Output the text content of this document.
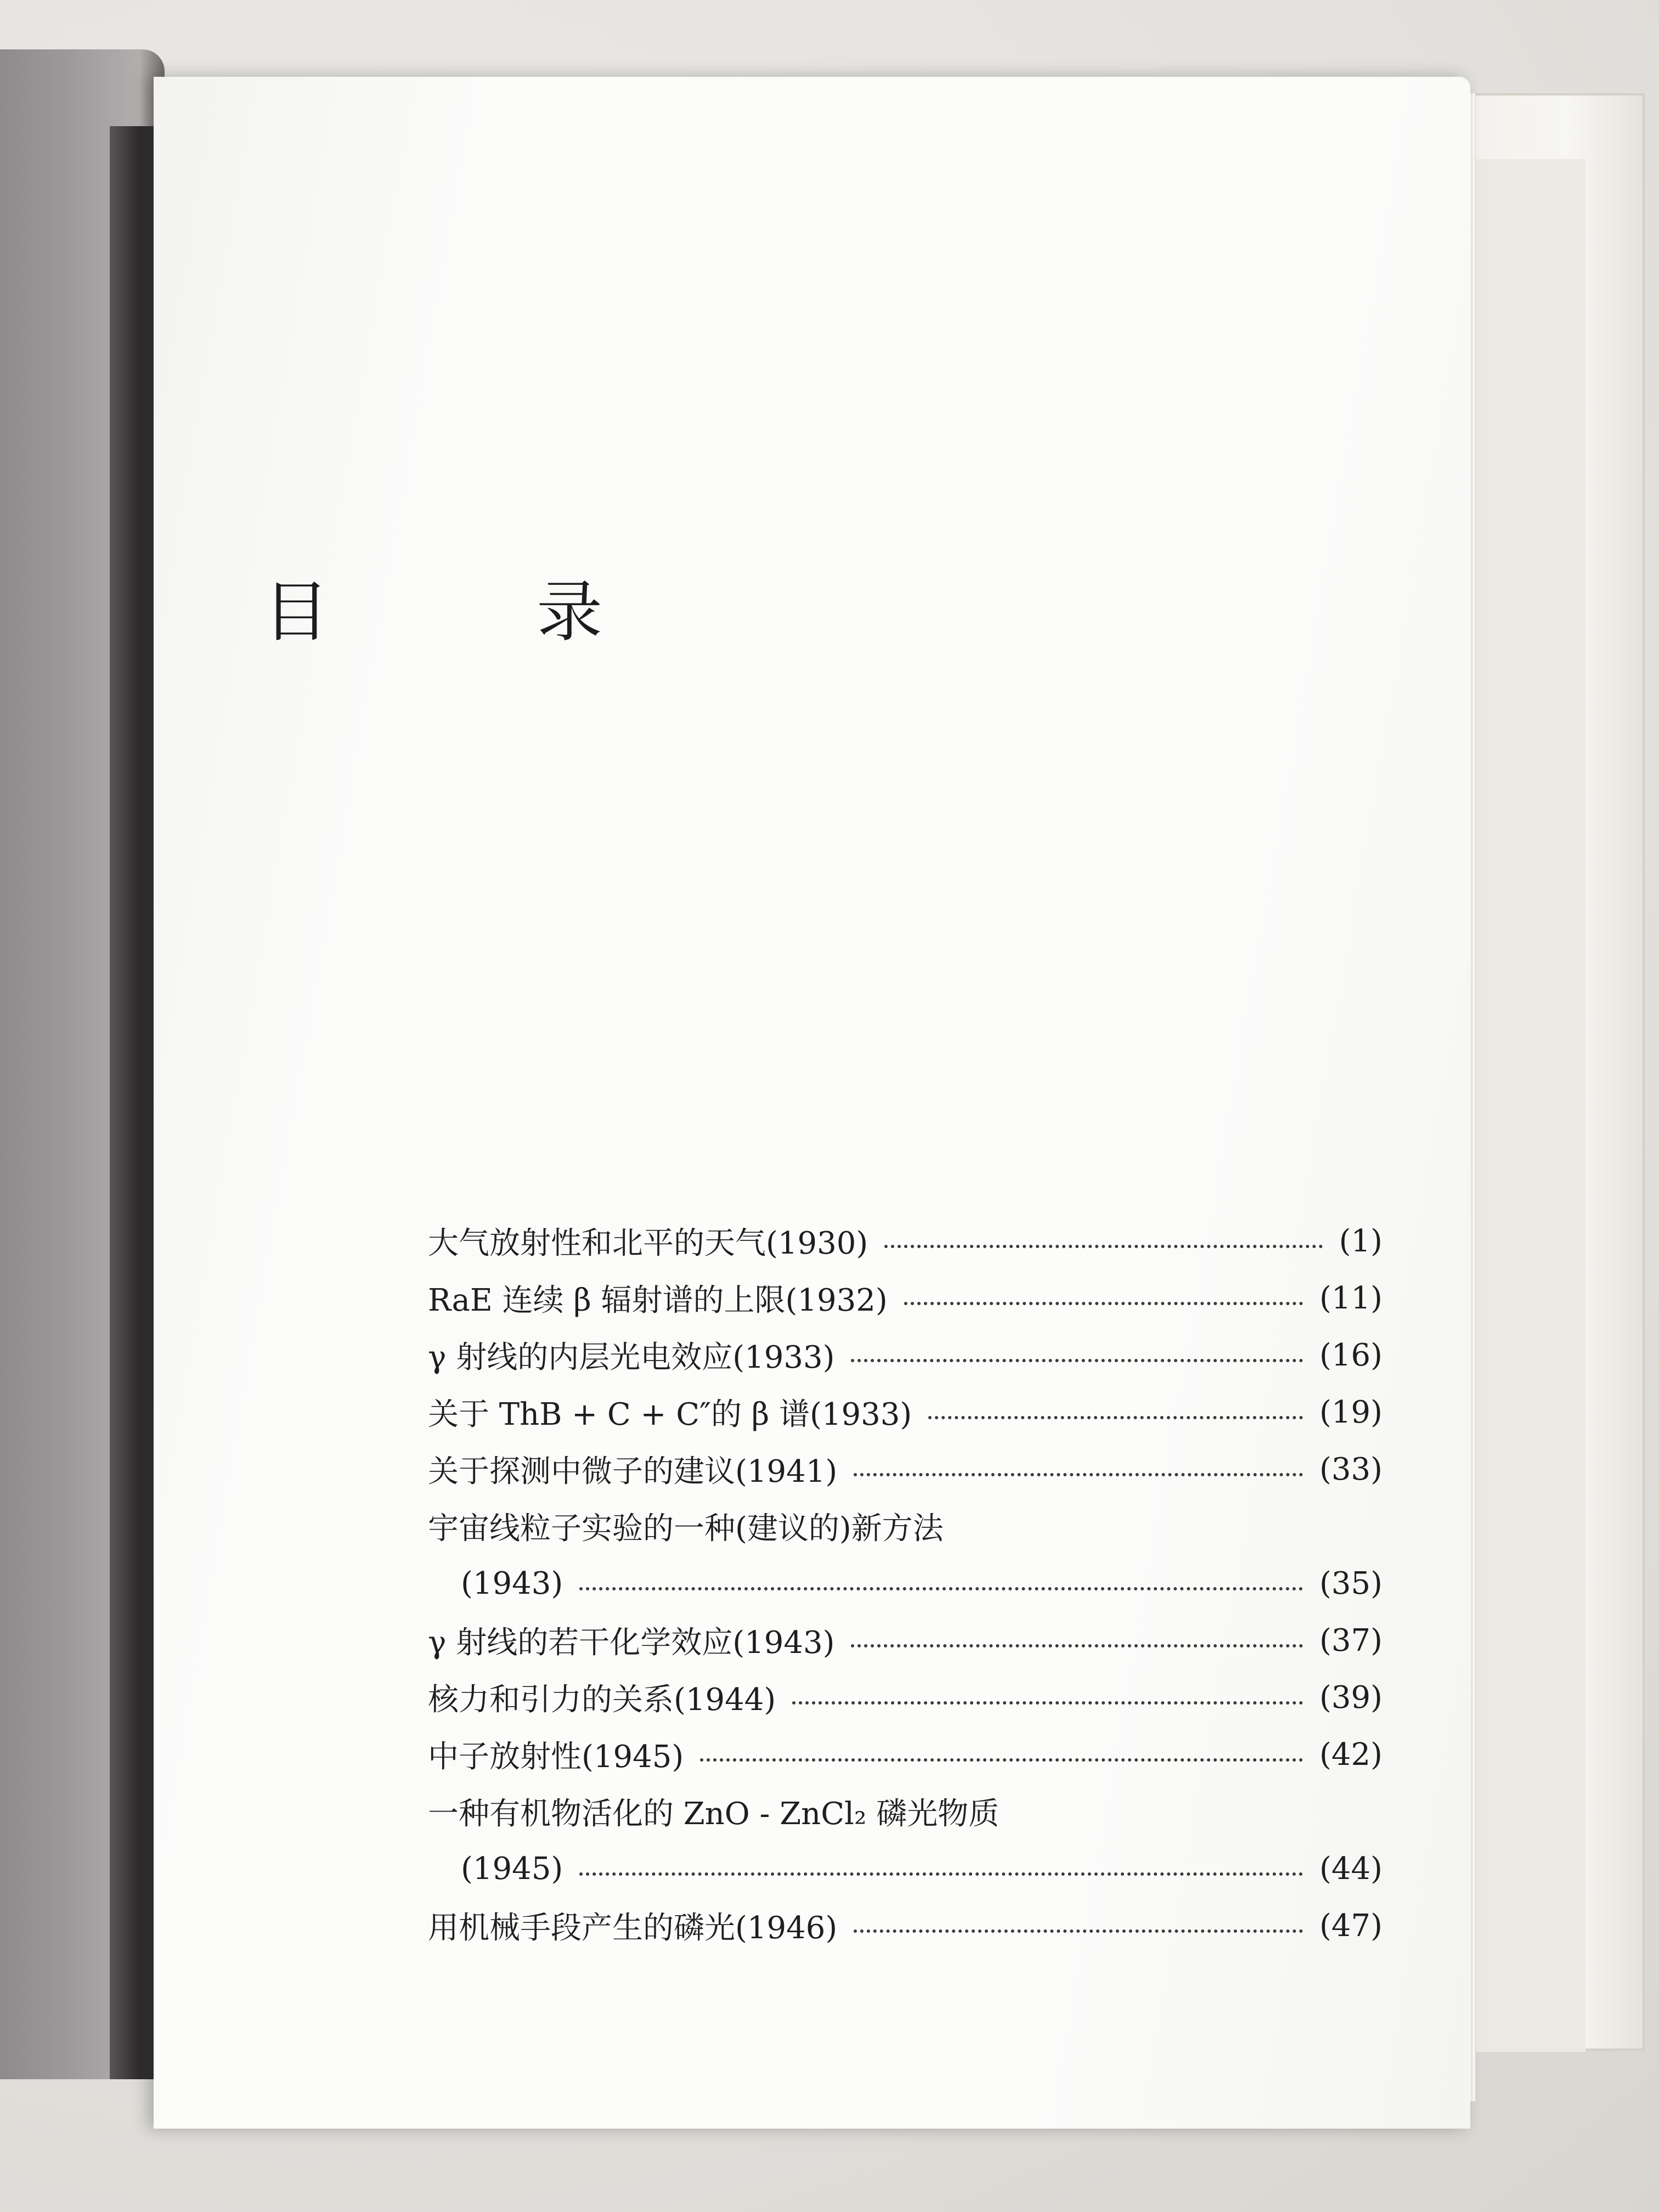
目 录
大气放射性和北平的天气(1930)	(1)
RaE 连续 β 辐射谱的上限(1932)	(11)
γ 射线的内层光电效应(1933)	(16)
关于 ThB + C + C″的 β 谱(1933)	(19)
关于探测中微子的建议(1941)	(33)
宇宙线粒子实验的一种(建议的)新方法
(1943)	(35)
γ 射线的若干化学效应(1943)	(37)
核力和引力的关系(1944)	(39)
中子放射性(1945)	(42)
一种有机物活化的 ZnO - ZnCl₂ 磷光物质
(1945)	(44)
用机械手段产生的磷光(1946)	(47)
